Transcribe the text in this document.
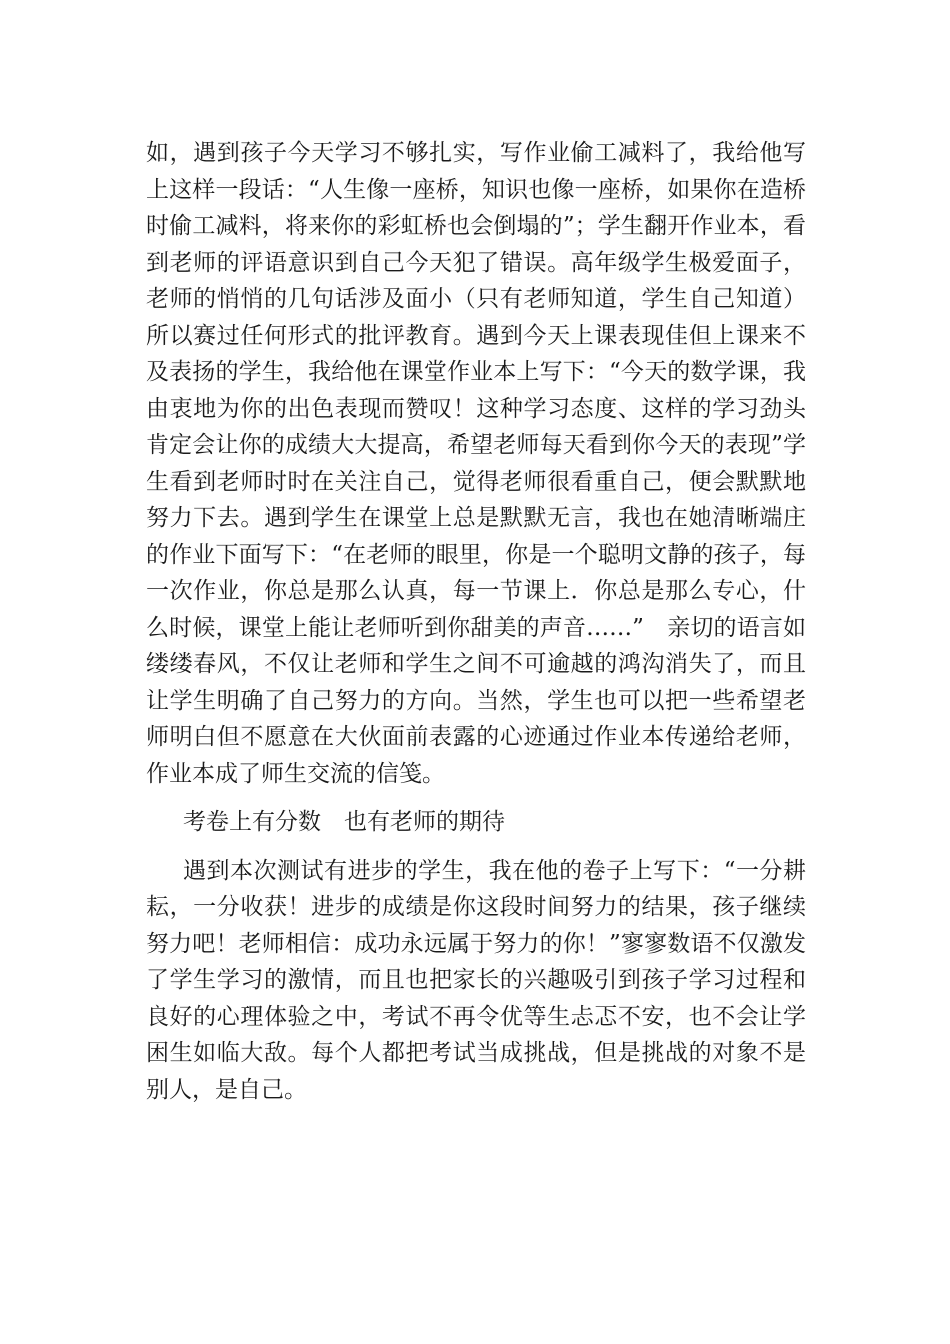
如，遇到孩子今天学习不够扎实，写作业偷工减料了，我给他写上这样一段话：“人生像一座桥，知识也像一座桥，如果你在造桥时偷工减料，将来你的彩虹桥也会倒塌的”；学生翻开作业本，看到老师的评语意识到自己今天犯了错误。高年级学生极爱面子，老师的悄悄的几句话涉及面小（只有老师知道，学生自己知道）所以赛过任何形式的批评教育。遇到今天上课表现佳但上课来不及表扬的学生，我给他在课堂作业本上写下：“今天的数学课，我由衷地为你的出色表现而赞叹！这种学习态度、这样的学习劲头肯定会让你的成绩大大提高，希望老师每天看到你今天的表现”学生看到老师时时在关注自己，觉得老师很看重自己，便会默默地努力下去。遇到学生在课堂上总是默默无言，我也在她清晰端庄的作业下面写下：“在老师的眼里，你是一个聪明文静的孩子，每一次作业，你总是那么认真，每一节课上．你总是那么专心，什么时候，课堂上能让老师听到你甜美的声音……”　亲切的语言如缕缕春风，不仅让老师和学生之间不可逾越的鸿沟消失了，而且让学生明确了自己努力的方向。当然，学生也可以把一些希望老师明白但不愿意在大伙面前表露的心迹通过作业本传递给老师，作业本成了师生交流的信笺。

考卷上有分数　也有老师的期待

遇到本次测试有进步的学生，我在他的卷子上写下：“一分耕耘，一分收获！进步的成绩是你这段时间努力的结果，孩子继续努力吧！老师相信：成功永远属于努力的你！”寥寥数语不仅激发了学生学习的激情，而且也把家长的兴趣吸引到孩子学习过程和良好的心理体验之中，考试不再令优等生忐忑不安，也不会让学困生如临大敌。每个人都把考试当成挑战，但是挑战的对象不是别人，是自己。
